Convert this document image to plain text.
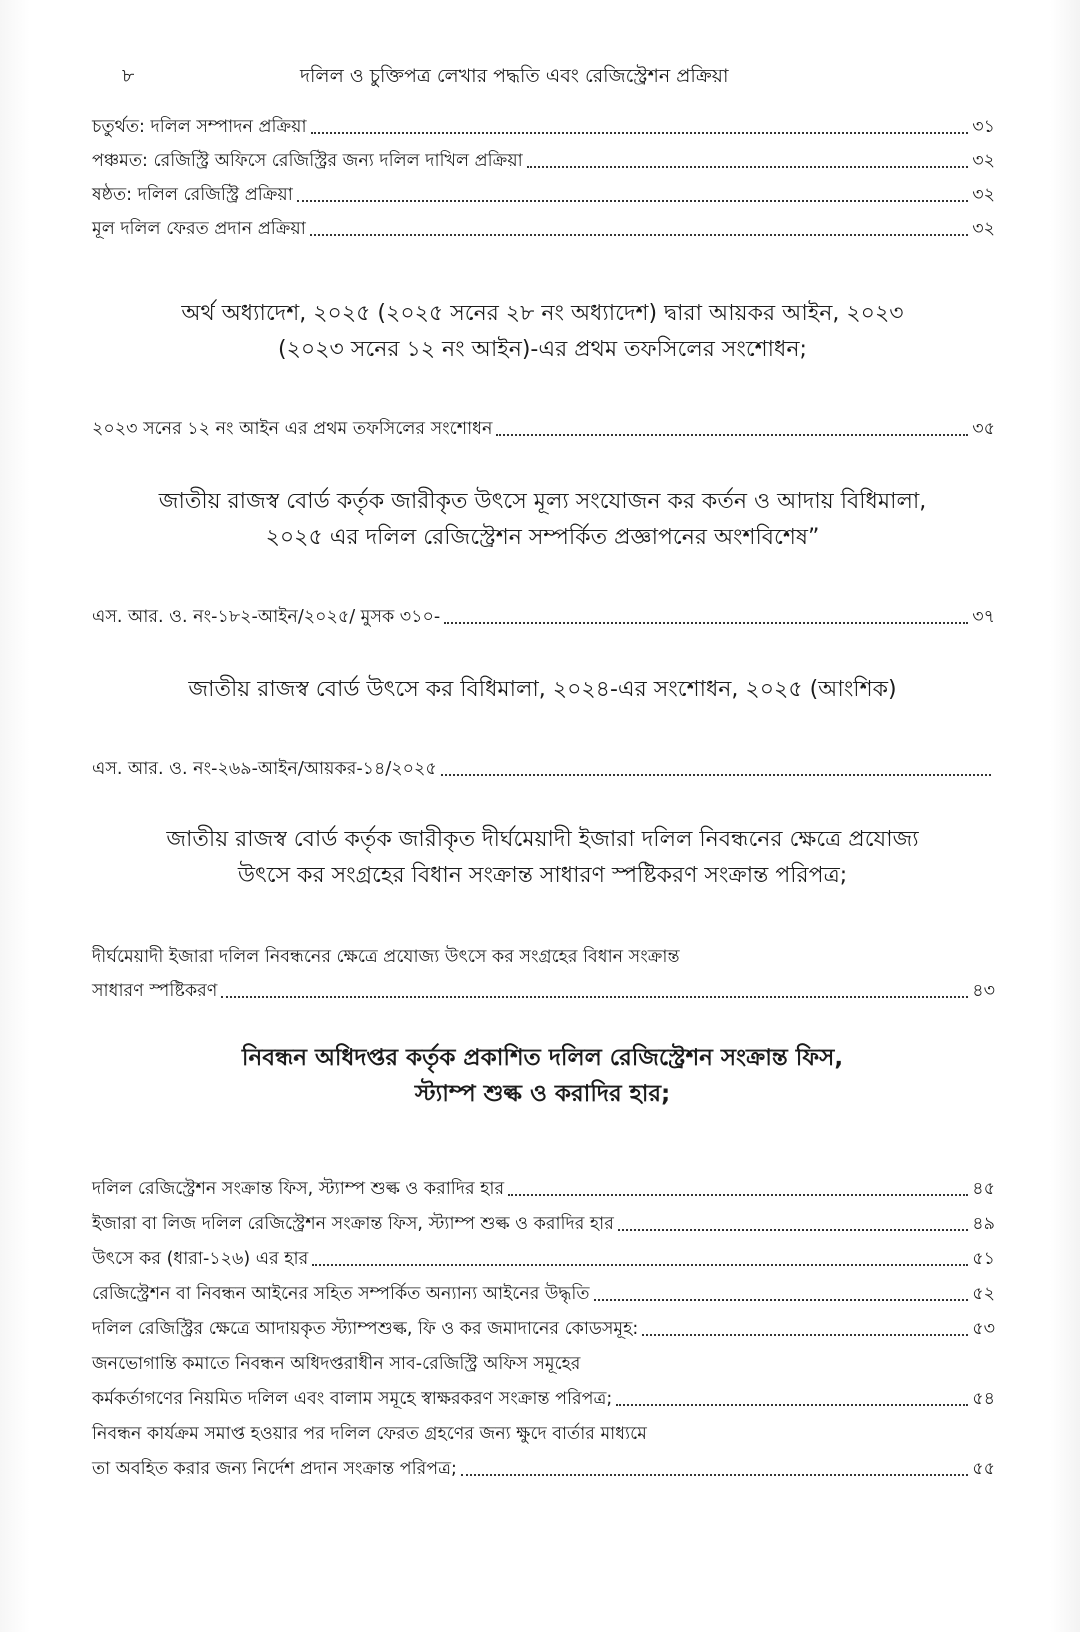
৮	দলিল ও চুক্তিপত্র লেখার পদ্ধতি এবং রেজিস্ট্রেশন প্রক্রিয়া
চতুর্থত: দলিল সম্পাদন প্রক্রিয়া	৩১
পঞ্চমত: রেজিস্ট্রি অফিসে রেজিস্ট্রির জন্য দলিল দাখিল প্রক্রিয়া	৩২
ষষ্ঠত: দলিল রেজিস্ট্রি প্রক্রিয়া	৩২
মূল দলিল ফেরত প্রদান প্রক্রিয়া	৩২
অর্থ অধ্যাদেশ, ২০২৫ (২০২৫ সনের ২৮ নং অধ্যাদেশ) দ্বারা আয়কর আইন, ২০২৩
(২০২৩ সনের ১২ নং আইন)-এর প্রথম তফসিলের সংশোধন;
২০২৩ সনের ১২ নং আইন এর প্রথম তফসিলের সংশোধন	৩৫
জাতীয় রাজস্ব বোর্ড কর্তৃক জারীকৃত উৎসে মূল্য সংযোজন কর কর্তন ও আদায় বিধিমালা,
২০২৫ এর দলিল রেজিস্ট্রেশন সম্পর্কিত প্রজ্ঞাপনের অংশবিশেষ”
এস. আর. ও. নং-১৮২-আইন/২০২৫/ মুসক ৩১০-	৩৭
জাতীয় রাজস্ব বোর্ড উৎসে কর বিধিমালা, ২০২৪-এর সংশোধন, ২০২৫ (আংশিক)
এস. আর. ও. নং-২৬৯-আইন/আয়কর-১৪/২০২৫
জাতীয় রাজস্ব বোর্ড কর্তৃক জারীকৃত দীর্ঘমেয়াদী ইজারা দলিল নিবন্ধনের ক্ষেত্রে প্রযোজ্য
উৎসে কর সংগ্রহের বিধান সংক্রান্ত সাধারণ স্পষ্টিকরণ সংক্রান্ত পরিপত্র;
দীর্ঘমেয়াদী ইজারা দলিল নিবন্ধনের ক্ষেত্রে প্রযোজ্য উৎসে কর সংগ্রহের বিধান সংক্রান্ত
সাধারণ স্পষ্টিকরণ	৪৩
নিবন্ধন অধিদপ্তর কর্তৃক প্রকাশিত দলিল রেজিস্ট্রেশন সংক্রান্ত ফিস,
স্ট্যাম্প শুল্ক ও করাদির হার;
দলিল রেজিস্ট্রেশন সংক্রান্ত ফিস, স্ট্যাম্প শুল্ক ও করাদির হার	৪৫
ইজারা বা লিজ দলিল রেজিস্ট্রেশন সংক্রান্ত ফিস, স্ট্যাম্প শুল্ক ও করাদির হার	৪৯
উৎসে কর (ধারা-১২৬) এর হার	৫১
রেজিস্ট্রেশন বা নিবন্ধন আইনের সহিত সম্পর্কিত অন্যান্য আইনের উদ্ধৃতি	৫২
দলিল রেজিস্ট্রির ক্ষেত্রে আদায়কৃত স্ট্যাম্পশুল্ক, ফি ও কর জমাদানের কোডসমূহ:	৫৩
জনভোগান্তি কমাতে নিবন্ধন অধিদপ্তরাধীন সাব-রেজিস্ট্রি অফিস সমূহের
কর্মকর্তাগণের নিয়মিত দলিল এবং বালাম সমূহে স্বাক্ষরকরণ সংক্রান্ত পরিপত্র;	৫৪
নিবন্ধন কার্যক্রম সমাপ্ত হওয়ার পর দলিল ফেরত গ্রহণের জন্য ক্ষুদে বার্তার মাধ্যমে
তা অবহিত করার জন্য নির্দেশ প্রদান সংক্রান্ত পরিপত্র;	৫৫
